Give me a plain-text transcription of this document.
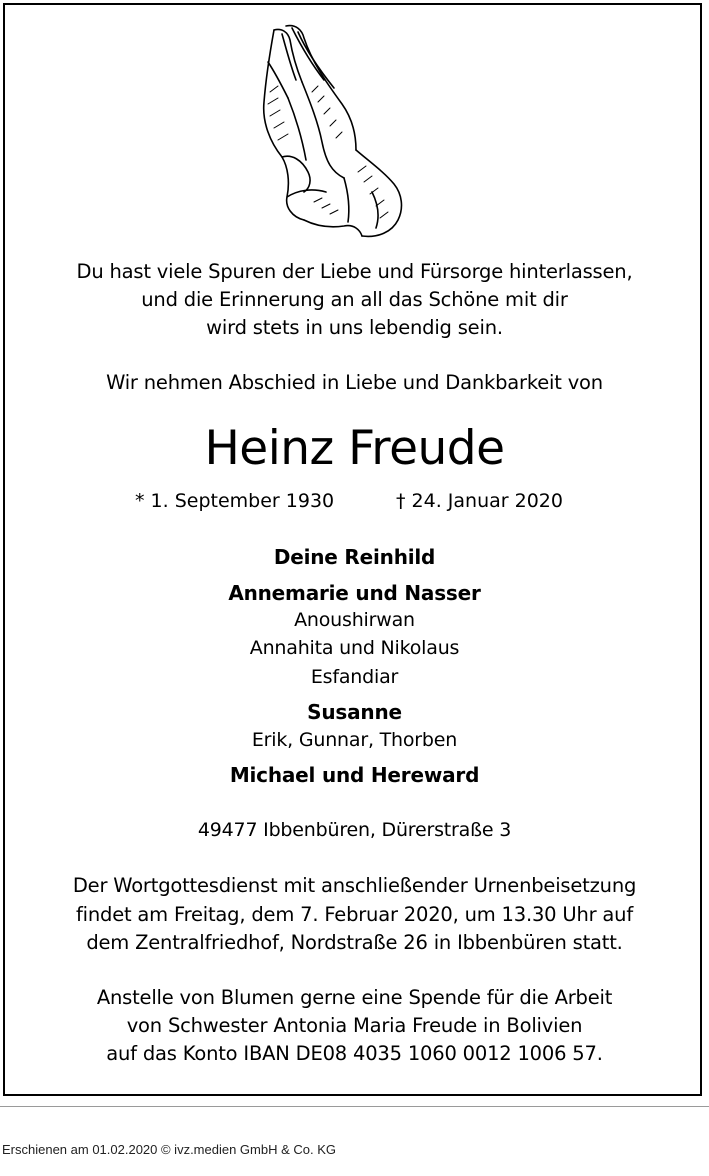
Du hast viele Spuren der Liebe und Fürsorge hinterlassen,
und die Erinnerung an all das Schöne mit dir
wird stets in uns lebendig sein.
Wir nehmen Abschied in Liebe und Dankbarkeit von
Heinz Freude
* 1. September 1930	† 24. Januar 2020
Deine Reinhild
Annemarie und Nasser
Anoushirwan
Annahita und Nikolaus
Esfandiar
Susanne
Erik, Gunnar, Thorben
Michael und Hereward
49477 Ibbenbüren, Dürerstraße 3
Der Wortgottesdienst mit anschließender Urnenbeisetzung
findet am Freitag, dem 7. Februar 2020, um 13.30 Uhr auf
dem Zentralfriedhof, Nordstraße 26 in Ibbenbüren statt.
Anstelle von Blumen gerne eine Spende für die Arbeit
von Schwester Antonia Maria Freude in Bolivien
auf das Konto IBAN DE08 4035 1060 0012 1006 57.
Erschienen am 01.02.2020 © ivz.medien GmbH & Co. KG
